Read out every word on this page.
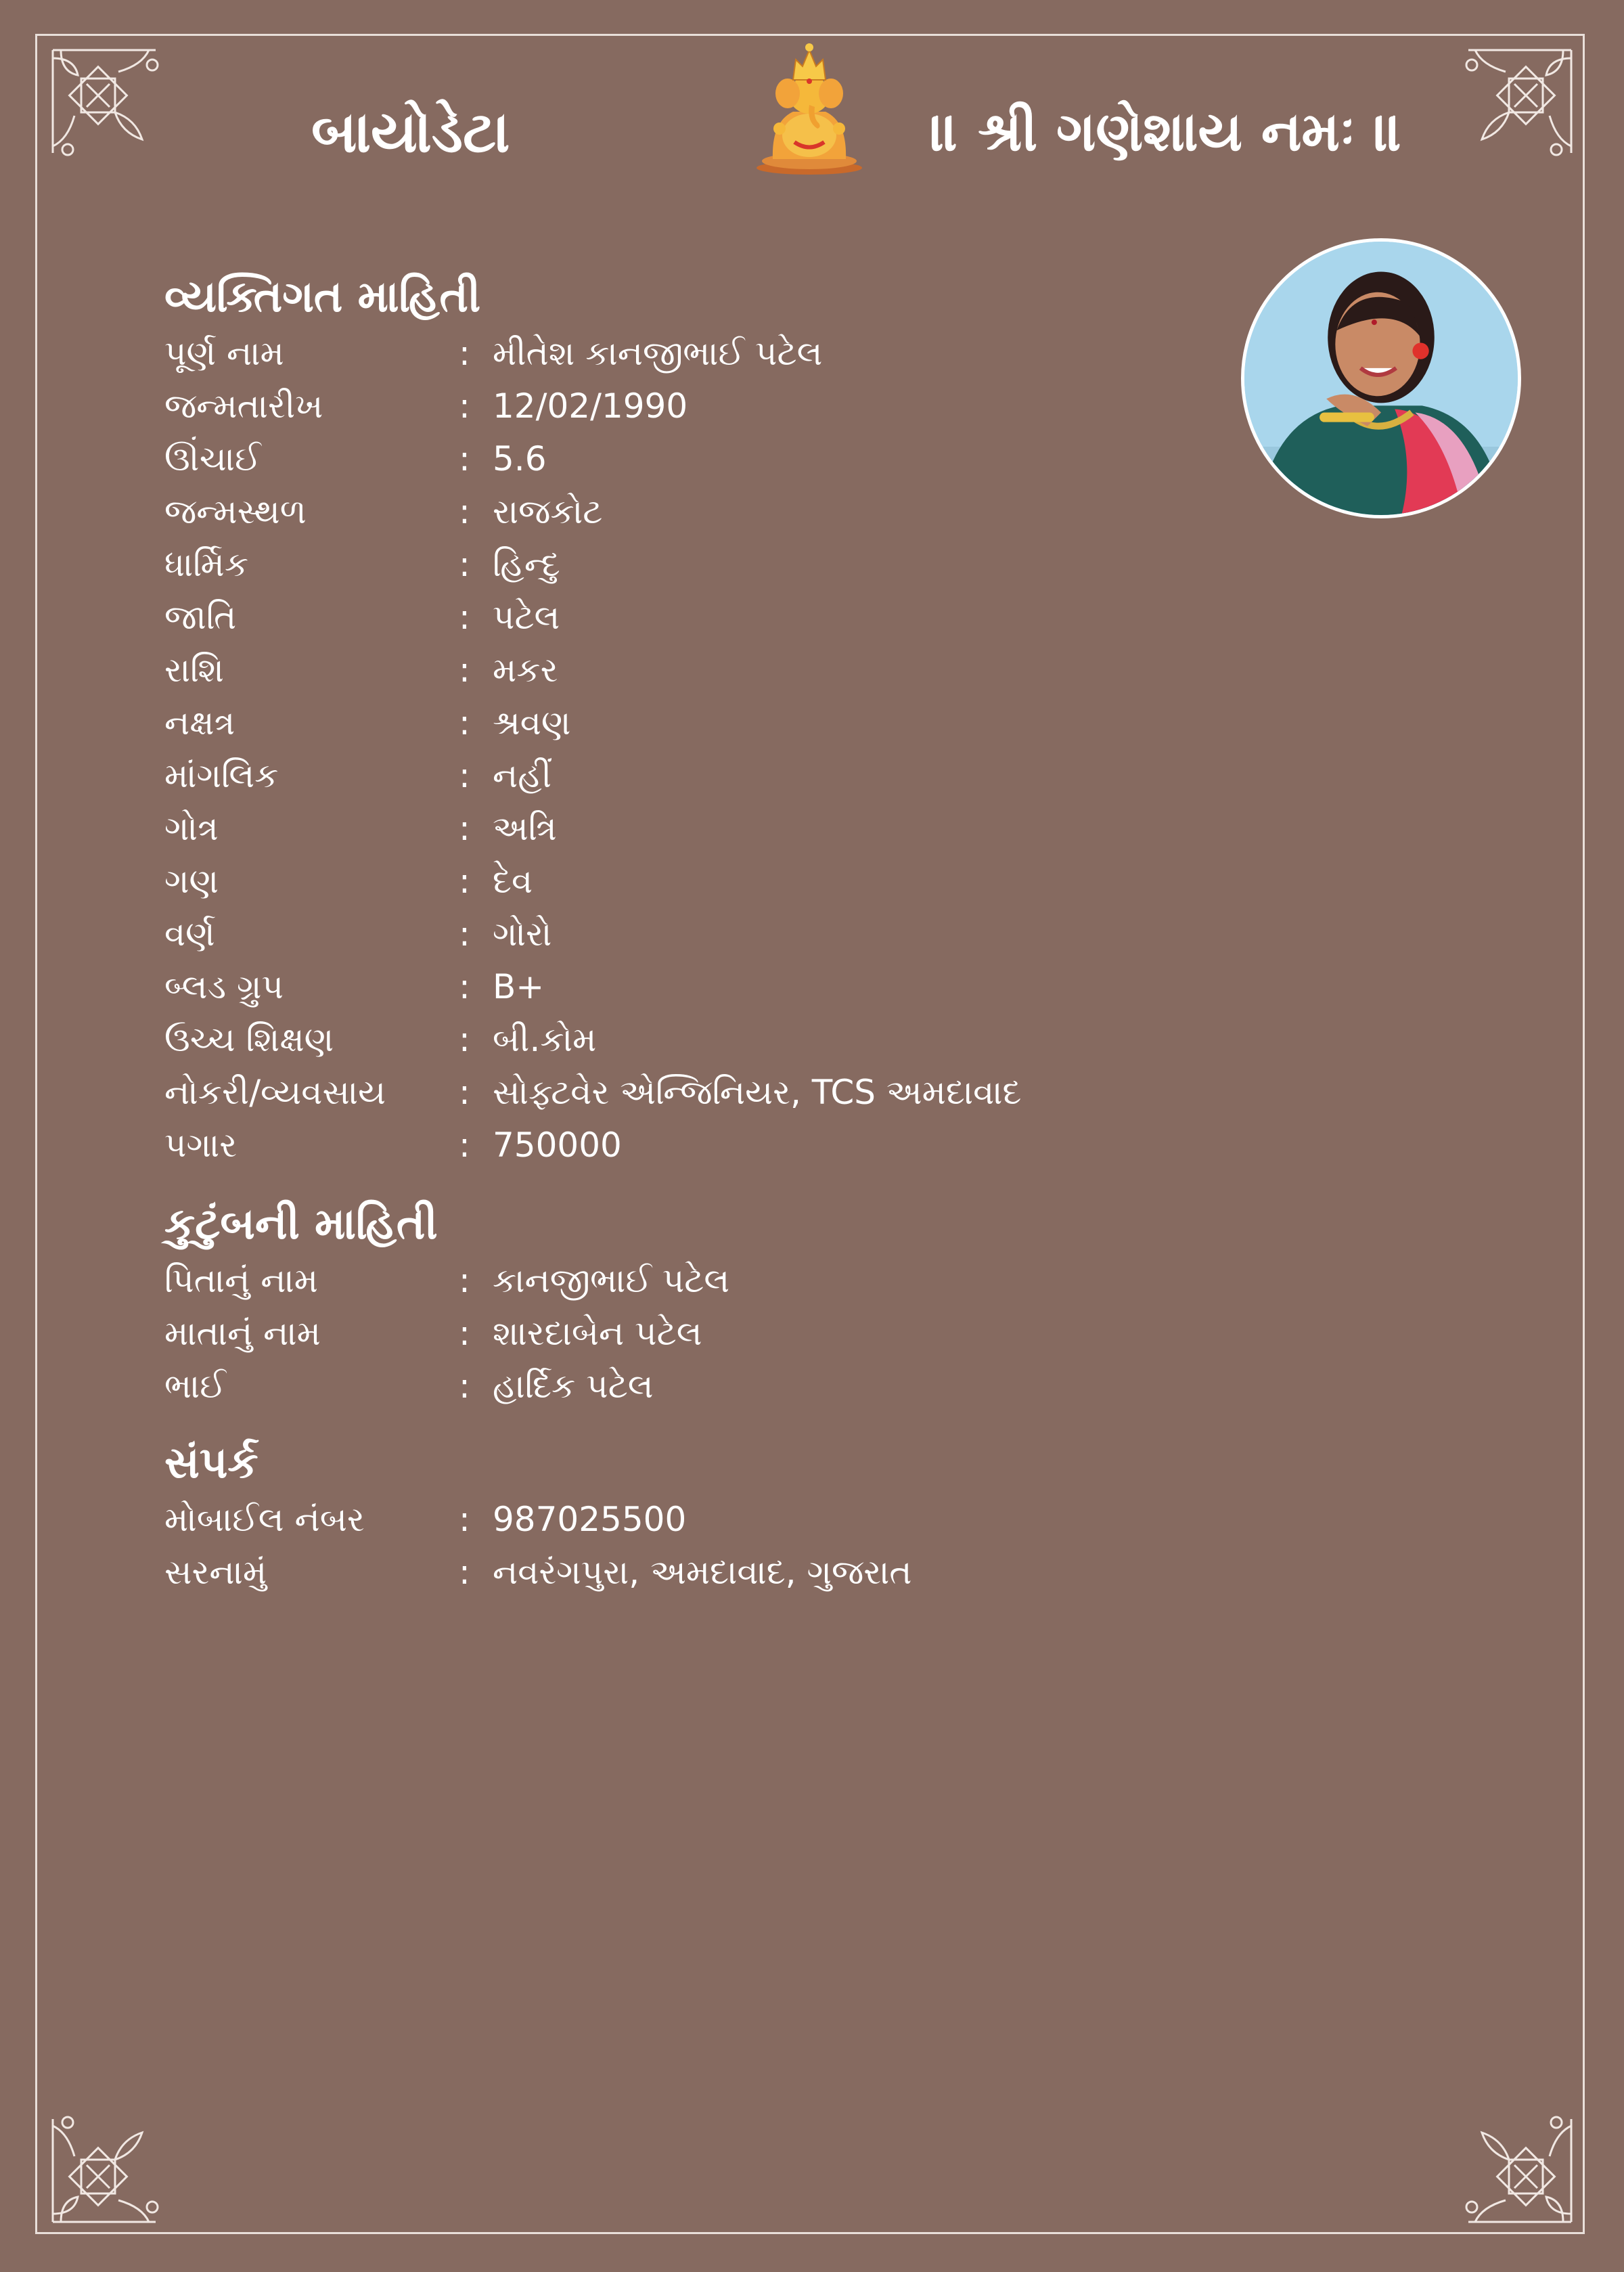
બાયોડેટા	॥ શ્રી ગણેશાય નમઃ ॥
વ્યક્તિગત માહિતી
પૂર્ણ નામ	: મીતેશ કાનજીભાઈ પટેલ
જન્મતારીખ	: 12/02/1990
ઊંચાઈ	: 5.6
જન્મસ્થળ	: રાજકોટ
ધાર્મિક	: હિન્દુ
જાતિ	: પટેલ
રાશિ	: મકર
નક્ષત્ર	: શ્રવણ
માંગલિક	: નહીં
ગોત્ર	: અત્રિ
ગણ	: દેવ
વર્ણ	: ગોરો
બ્લડ ગ્રુપ	: B+
ઉચ્ચ શિક્ષણ	: બી.કોમ
નોકરી/વ્યવસાય	: સોફ્ટવેર એન્જિનિયર, TCS અમદાવાદ
પગાર	: 750000
કુટુંબની માહિતી
પિતાનું નામ	: કાનજીભાઈ પટેલ
માતાનું નામ	: શારદાબેન પટેલ
ભાઈ	: હાર્દિક પટેલ
સંપર્ક
મોબાઈલ નંબર	: 987025500
સરનામું	: નવરંગપુરા, અમદાવાદ, ગુજરાત
